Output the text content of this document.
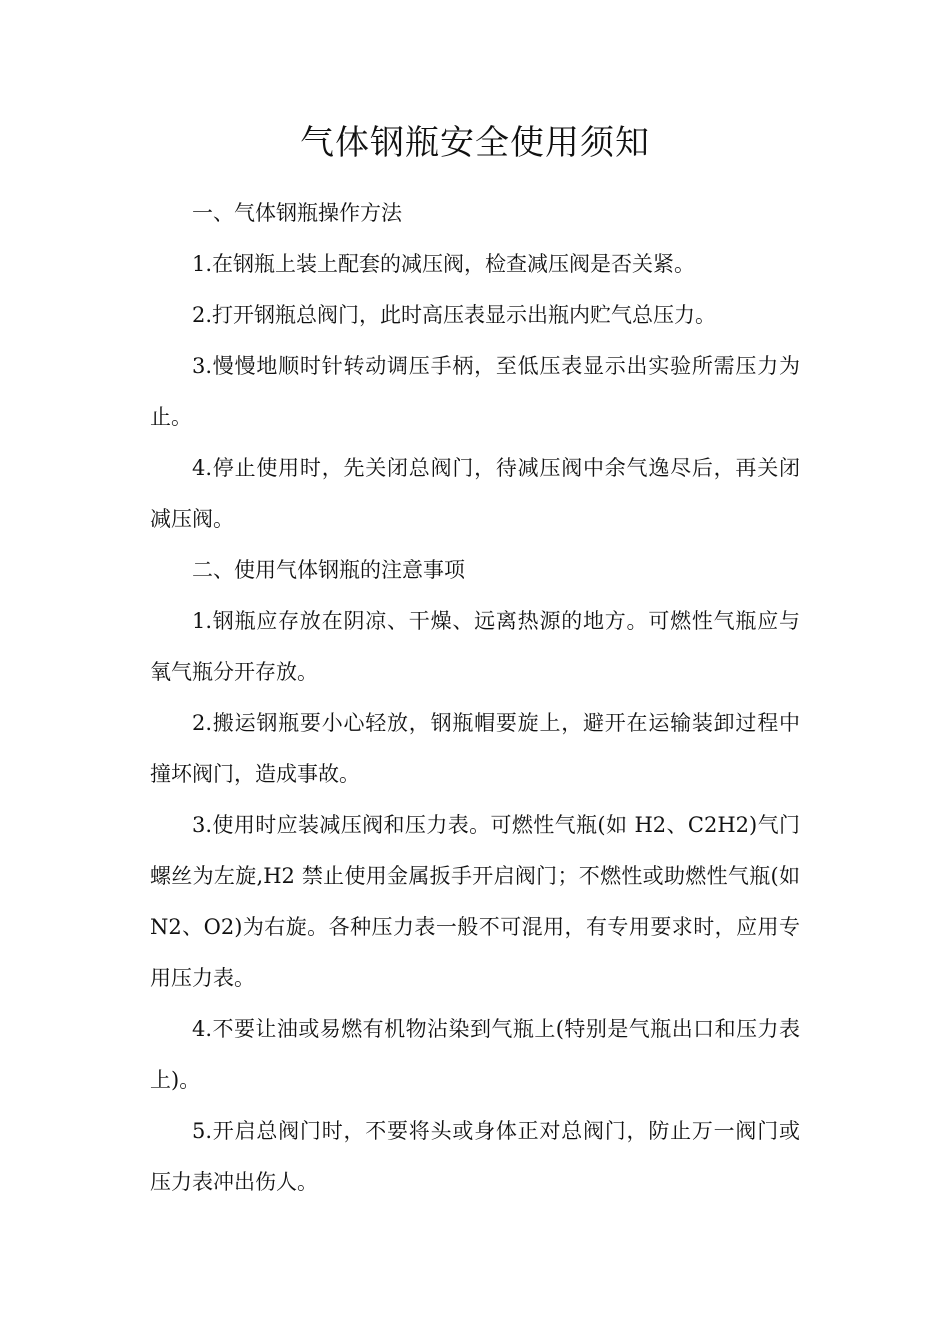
气体钢瓶安全使用须知

一、气体钢瓶操作方法

1.在钢瓶上装上配套的减压阀，检查减压阀是否关紧。

2.打开钢瓶总阀门，此时高压表显示出瓶内贮气总压力。

3.慢慢地顺时针转动调压手柄，至低压表显示出实验所需压力为止。

4.停止使用时，先关闭总阀门，待减压阀中余气逸尽后，再关闭减压阀。

二、使用气体钢瓶的注意事项

1.钢瓶应存放在阴凉、干燥、远离热源的地方。可燃性气瓶应与氧气瓶分开存放。

2.搬运钢瓶要小心轻放，钢瓶帽要旋上，避开在运输装卸过程中撞坏阀门，造成事故。

3.使用时应装减压阀和压力表。可燃性气瓶(如 H2、C2H2)气门螺丝为左旋,H2 禁止使用金属扳手开启阀门；不燃性或助燃性气瓶(如 N2、O2)为右旋。各种压力表一般不可混用，有专用要求时，应用专用压力表。

4.不要让油或易燃有机物沾染到气瓶上(特别是气瓶出口和压力表上)。

5.开启总阀门时，不要将头或身体正对总阀门，防止万一阀门或压力表冲出伤人。
